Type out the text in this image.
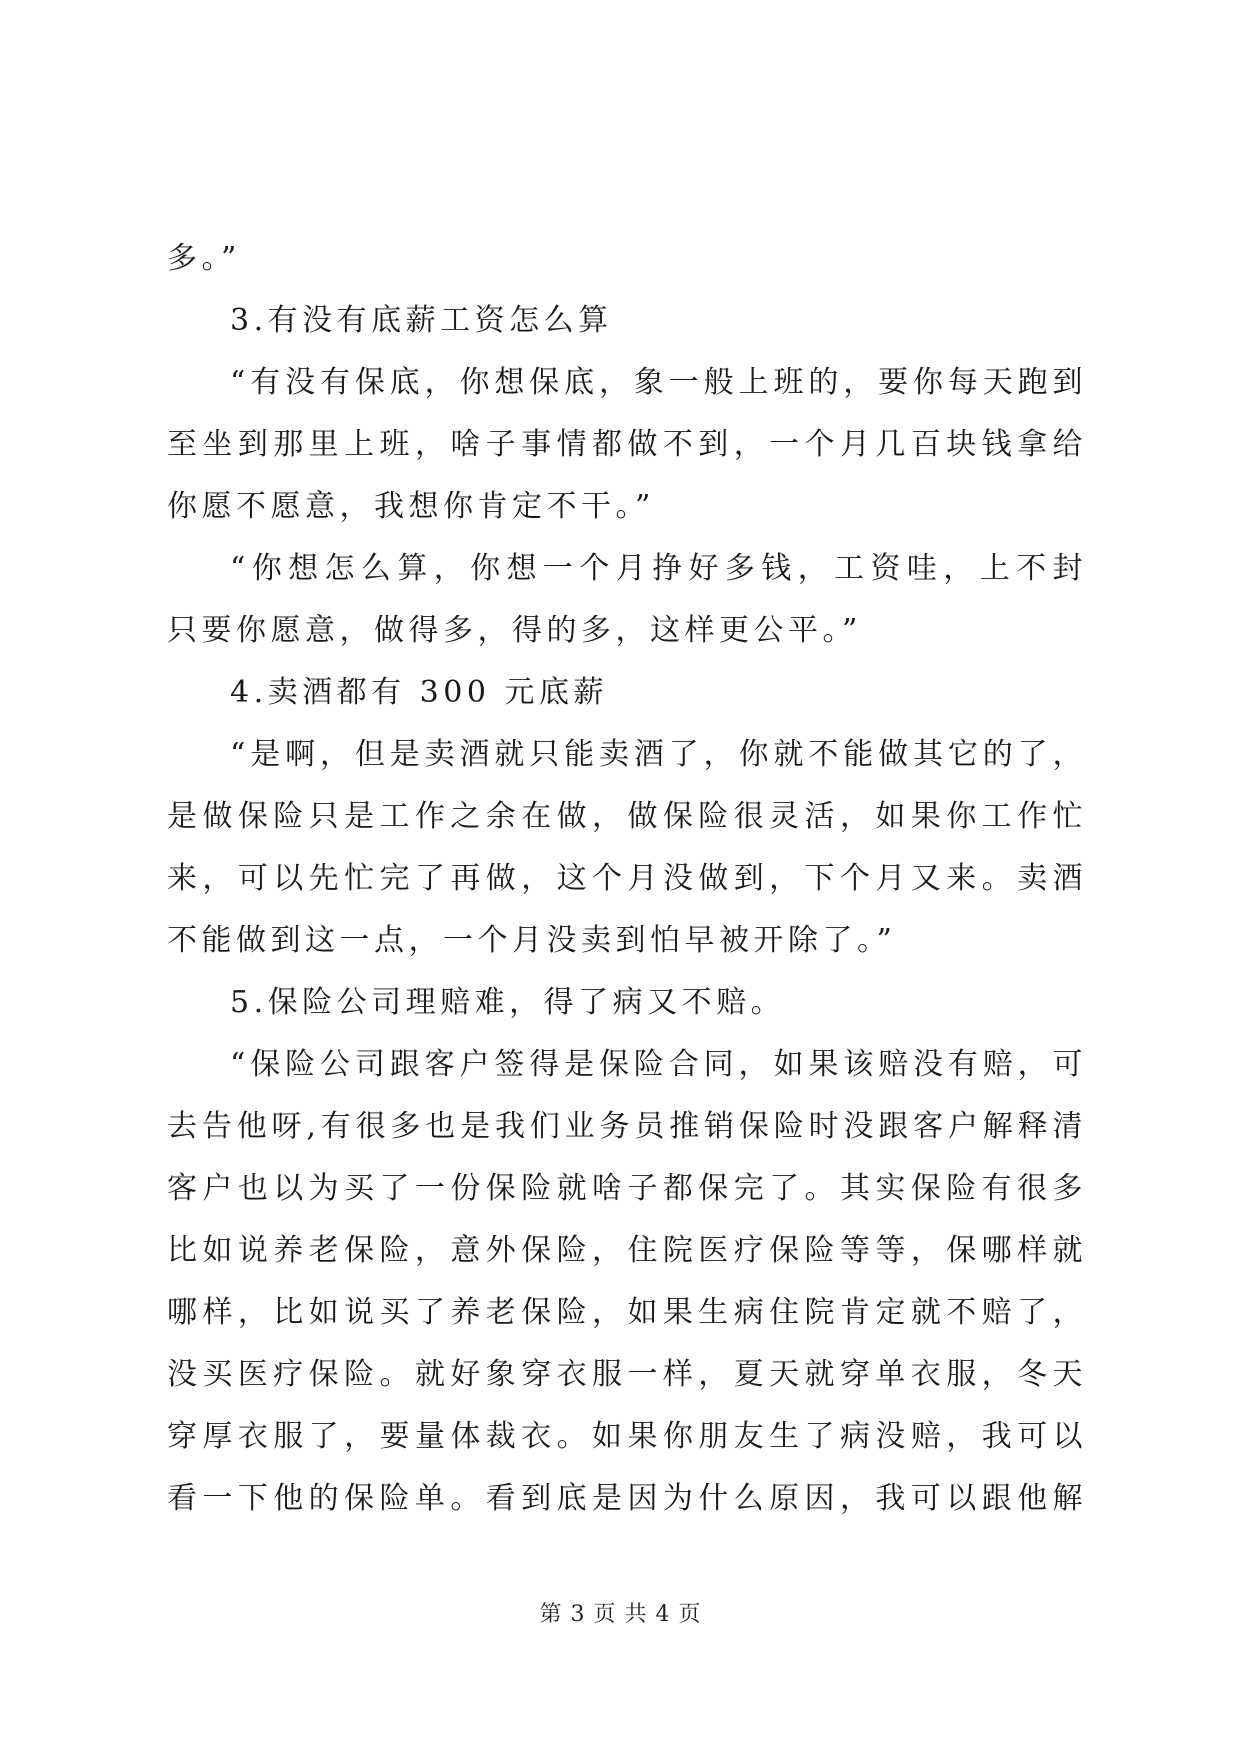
多。”
3.有没有底薪工资怎么算
“有没有保底，你想保底，象一般上班的，要你每天跑到
至坐到那里上班，啥子事情都做不到，一个月几百块钱拿给
你愿不愿意，我想你肯定不干。”
“你想怎么算，你想一个月挣好多钱，工资哇，上不封
只要你愿意，做得多，得的多，这样更公平。”
4.卖酒都有 300 元底薪
“是啊，但是卖酒就只能卖酒了，你就不能做其它的了，
是做保险只是工作之余在做，做保险很灵活，如果你工作忙
来，可以先忙完了再做，这个月没做到，下个月又来。卖酒
不能做到这一点，一个月没卖到怕早被开除了。”
5.保险公司理赔难，得了病又不赔。
“保险公司跟客户签得是保险合同，如果该赔没有赔，可
去告他呀,有很多也是我们业务员推销保险时没跟客户解释清
客户也以为买了一份保险就啥子都保完了。其实保险有很多
比如说养老保险，意外保险，住院医疗保险等等，保哪样就
哪样，比如说买了养老保险，如果生病住院肯定就不赔了，
没买医疗保险。就好象穿衣服一样，夏天就穿单衣服，冬天
穿厚衣服了，要量体裁衣。如果你朋友生了病没赔，我可以
看一下他的保险单。看到底是因为什么原因，我可以跟他解
第 3 页 共 4 页
